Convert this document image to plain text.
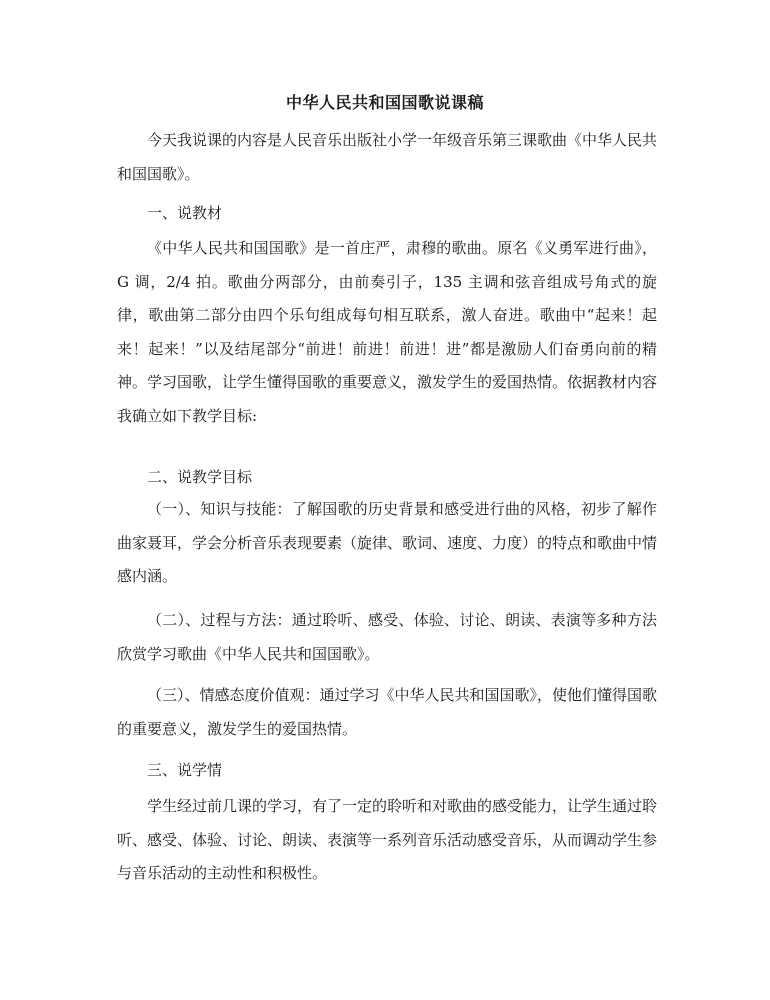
中华人民共和国国歌说课稿

今天我说课的内容是人民音乐出版社小学一年级音乐第三课歌曲《中华人民共和国国歌》。

一、说教材

《中华人民共和国国歌》是一首庄严，肃穆的歌曲。原名《义勇军进行曲》，G 调，2/4 拍。歌曲分两部分，由前奏引子，135 主调和弦音组成号角式的旋律，歌曲第二部分由四个乐句组成每句相互联系，激人奋进。歌曲中“起来！起来！起来！”以及结尾部分“前进！前进！前进！进”都是激励人们奋勇向前的精神。学习国歌，让学生懂得国歌的重要意义，激发学生的爱国热情。依据教材内容我确立如下教学目标:

二、说教学目标

（一）、知识与技能：了解国歌的历史背景和感受进行曲的风格，初步了解作曲家聂耳，学会分析音乐表现要素（旋律、歌词、速度、力度）的特点和歌曲中情感内涵。

（二）、过程与方法：通过聆听、感受、体验、讨论、朗读、表演等多种方法欣赏学习歌曲《中华人民共和国国歌》。

（三）、情感态度价值观：通过学习《中华人民共和国国歌》，使他们懂得国歌的重要意义，激发学生的爱国热情。

三、说学情

学生经过前几课的学习，有了一定的聆听和对歌曲的感受能力，让学生通过聆听、感受、体验、讨论、朗读、表演等一系列音乐活动感受音乐，从而调动学生参与音乐活动的主动性和积极性。
